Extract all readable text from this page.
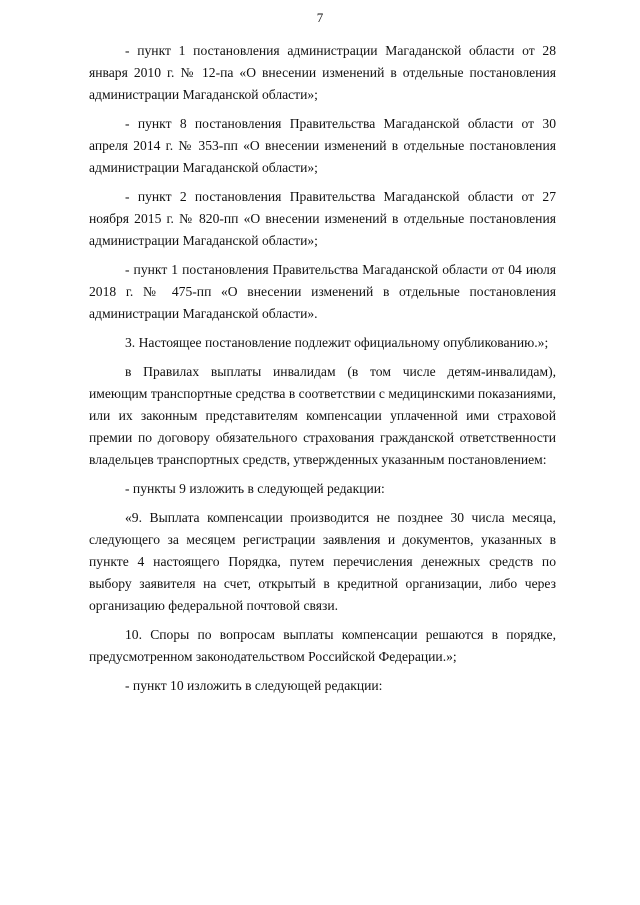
7

- пункт 1 постановления администрации Магаданской области от 28 января 2010 г. № 12-па «О внесении изменений в отдельные постановления администрации Магаданской области»;

- пункт 8 постановления Правительства Магаданской области от 30 апреля 2014 г. № 353-пп «О внесении изменений в отдельные постановления администрации Магаданской области»;

- пункт 2 постановления Правительства Магаданской области от 27 ноября 2015 г. № 820-пп «О внесении изменений в отдельные постановления администрации Магаданской области»;

- пункт 1 постановления Правительства Магаданской области от 04 июля 2018 г. № 475-пп «О внесении изменений в отдельные постановления администрации Магаданской области».

3. Настоящее постановление подлежит официальному опубликованию.»;

в Правилах выплаты инвалидам (в том числе детям-инвалидам), имеющим транспортные средства в соответствии с медицинскими показаниями, или их законным представителям компенсации уплаченной ими страховой премии по договору обязательного страхования гражданской ответственности владельцев транспортных средств, утвержденных указанным постановлением:

- пункты 9 изложить в следующей редакции:

«9. Выплата компенсации производится не позднее 30 числа месяца, следующего за месяцем регистрации заявления и документов, указанных в пункте 4 настоящего Порядка, путем перечисления денежных средств по выбору заявителя на счет, открытый в кредитной организации, либо через организацию федеральной почтовой связи.

10. Споры по вопросам выплаты компенсации решаются в порядке, предусмотренном законодательством Российской Федерации.»;

- пункт 10 изложить в следующей редакции:
